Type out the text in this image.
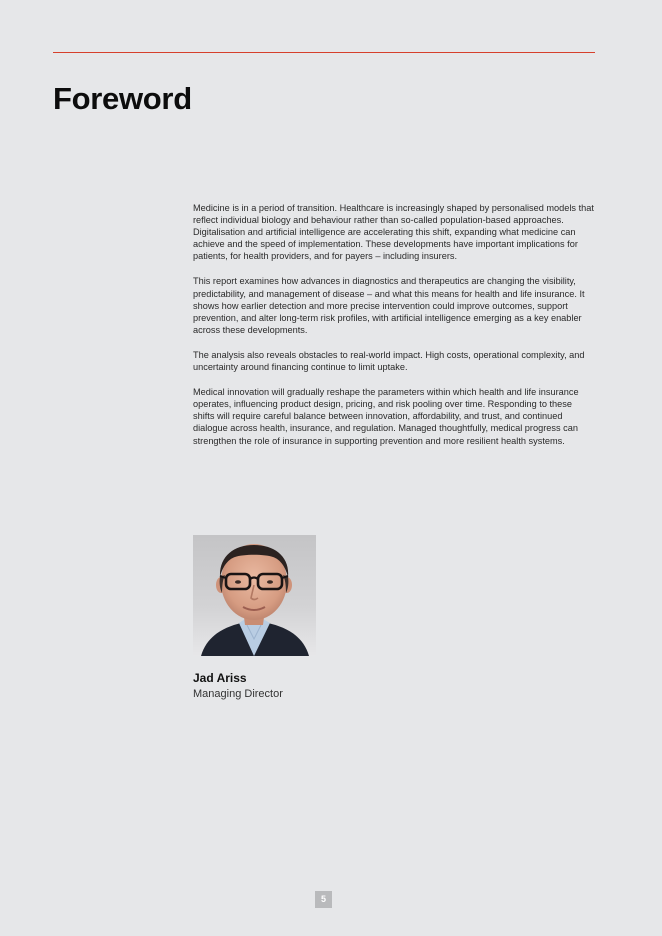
Foreword

Medicine is in a period of transition. Healthcare is increasingly shaped by personalised models that reflect individual biology and behaviour rather than so-called population-based approaches. Digitalisation and artificial intelligence are accelerating this shift, expanding what medicine can achieve and the speed of implementation. These developments have important implications for patients, for health providers, and for payers – including insurers.

This report examines how advances in diagnostics and therapeutics are changing the visibility, predictability, and management of disease – and what this means for health and life insurance. It shows how earlier detection and more precise intervention could improve outcomes, support prevention, and alter long-term risk profiles, with artificial intelligence emerging as a key enabler across these developments.

The analysis also reveals obstacles to real-world impact. High costs, operational complexity, and uncertainty around financing continue to limit uptake.

Medical innovation will gradually reshape the parameters within which health and life insurance operates, influencing product design, pricing, and risk pooling over time. Responding to these shifts will require careful balance between innovation, affordability, and trust, and continued dialogue across health, insurance, and regulation. Managed thoughtfully, medical progress can strengthen the role of insurance in supporting prevention and more resilient health systems.

Jad Ariss
Managing Director
5
